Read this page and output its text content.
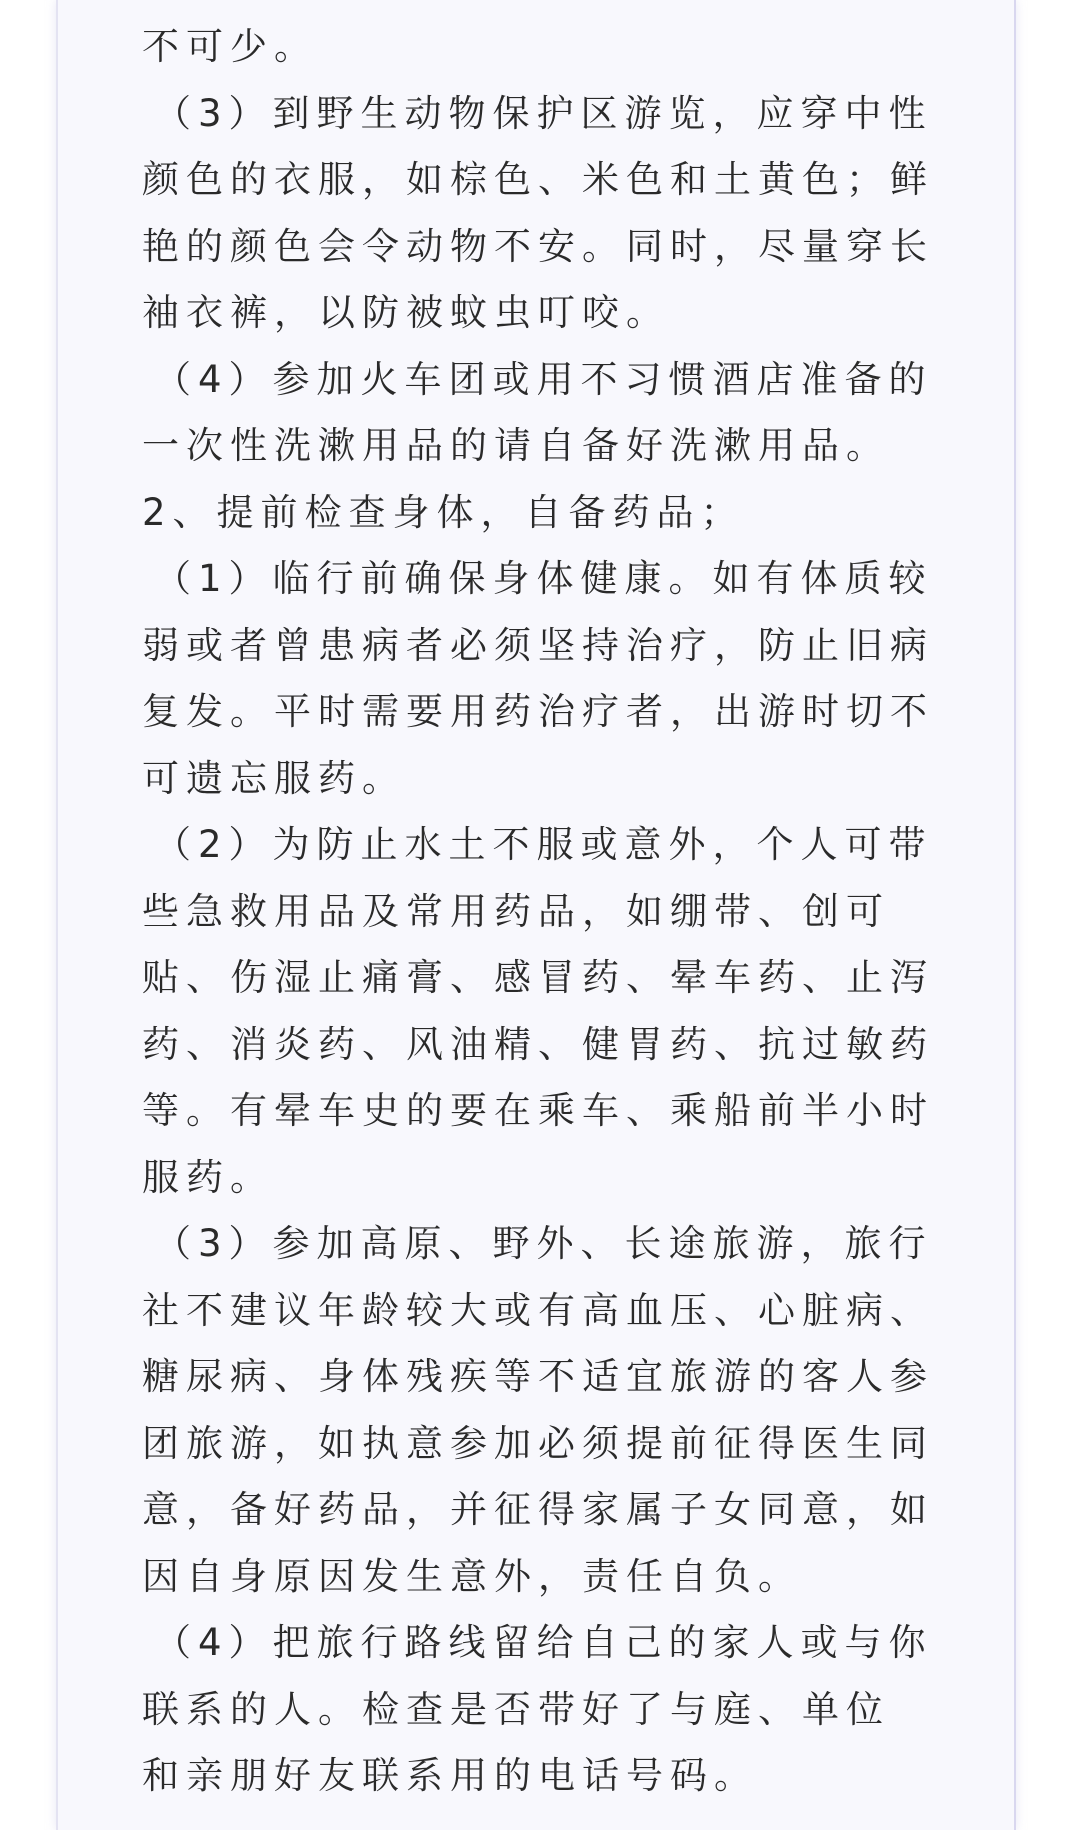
不可少。
（3）到野生动物保护区游览，应穿中性
颜色的衣服，如棕色、米色和土黄色；鲜
艳的颜色会令动物不安。同时，尽量穿长
袖衣裤，以防被蚊虫叮咬。
（4）参加火车团或用不习惯酒店准备的
一次性洗漱用品的请自备好洗漱用品。
2、提前检查身体，自备药品；
（1）临行前确保身体健康。如有体质较
弱或者曾患病者必须坚持治疗，防止旧病
复发。平时需要用药治疗者，出游时切不
可遗忘服药。
（2）为防止水土不服或意外，个人可带
些急救用品及常用药品，如绷带、创可
贴、伤湿止痛膏、感冒药、晕车药、止泻
药、消炎药、风油精、健胃药、抗过敏药
等。有晕车史的要在乘车、乘船前半小时
服药。
（3）参加高原、野外、长途旅游，旅行
社不建议年龄较大或有高血压、心脏病、
糖尿病、身体残疾等不适宜旅游的客人参
团旅游，如执意参加必须提前征得医生同
意，备好药品，并征得家属子女同意，如
因自身原因发生意外，责任自负。
（4）把旅行路线留给自己的家人或与你
联系的人。检查是否带好了与庭、单位
和亲朋好友联系用的电话号码。
